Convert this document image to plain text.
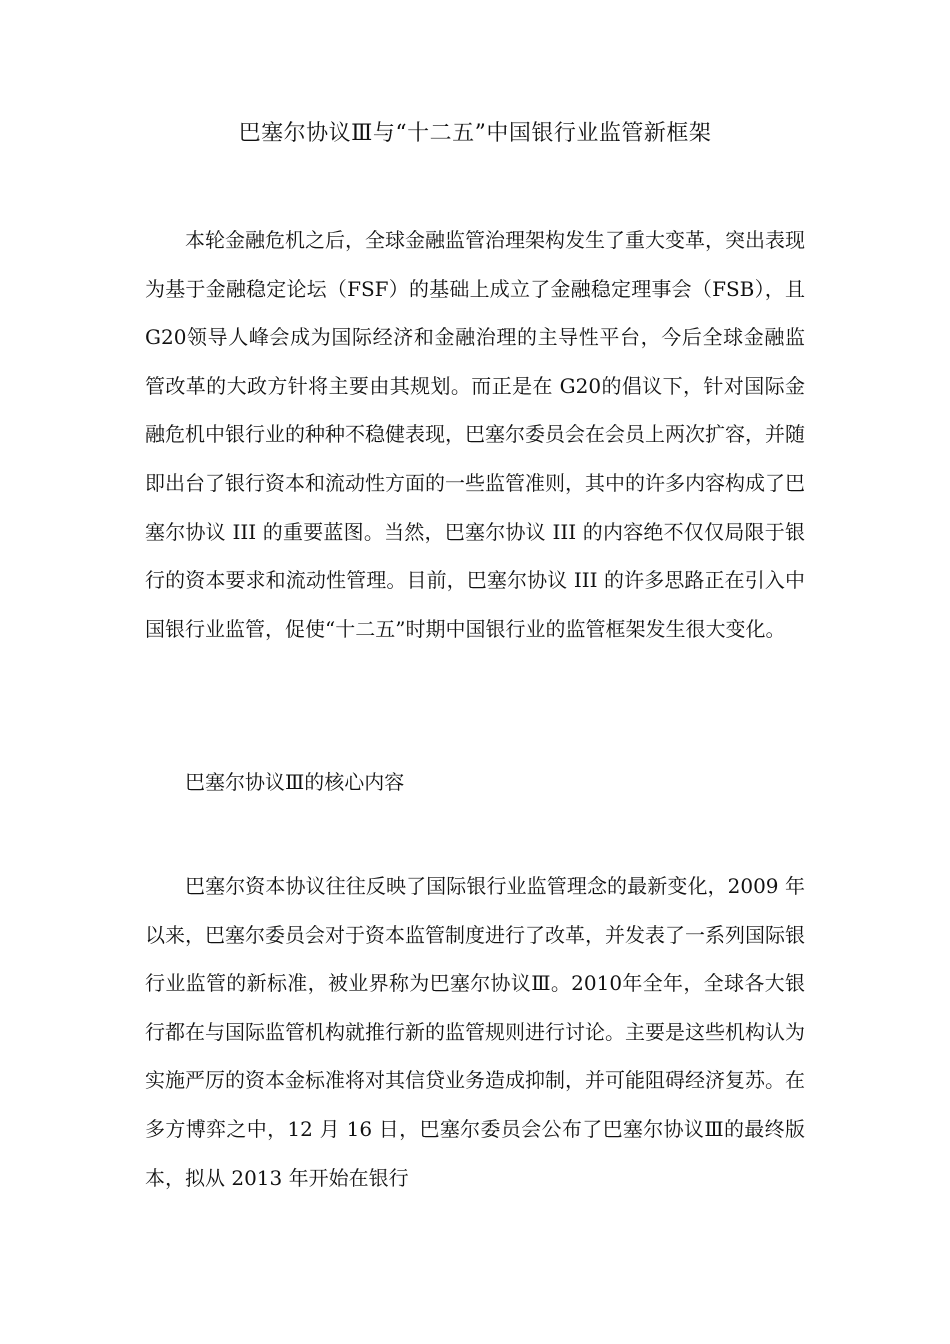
巴塞尔协议Ⅲ与“十二五”中国银行业监管新框架

本轮金融危机之后，全球金融监管治理架构发生了重大变革，突出表现为基于金融稳定论坛（FSF）的基础上成立了金融稳定理事会（FSB），且G20领导人峰会成为国际经济和金融治理的主导性平台，今后全球金融监管改革的大政方针将主要由其规划。而正是在 G20的倡议下，针对国际金融危机中银行业的种种不稳健表现，巴塞尔委员会在会员上两次扩容，并随即出台了银行资本和流动性方面的一些监管准则，其中的许多内容构成了巴塞尔协议 III 的重要蓝图。当然，巴塞尔协议 III 的内容绝不仅仅局限于银行的资本要求和流动性管理。目前，巴塞尔协议 III 的许多思路正在引入中国银行业监管，促使“十二五”时期中国银行业的监管框架发生很大变化。

巴塞尔协议Ⅲ的核心内容

巴塞尔资本协议往往反映了国际银行业监管理念的最新变化，2009 年以来，巴塞尔委员会对于资本监管制度进行了改革，并发表了一系列国际银行业监管的新标准，被业界称为巴塞尔协议Ⅲ。2010年全年，全球各大银行都在与国际监管机构就推行新的监管规则进行讨论。主要是这些机构认为实施严厉的资本金标准将对其信贷业务造成抑制，并可能阻碍经济复苏。在多方博弈之中，12 月 16 日，巴塞尔委员会公布了巴塞尔协议Ⅲ的最终版本，拟从 2013 年开始在银行
